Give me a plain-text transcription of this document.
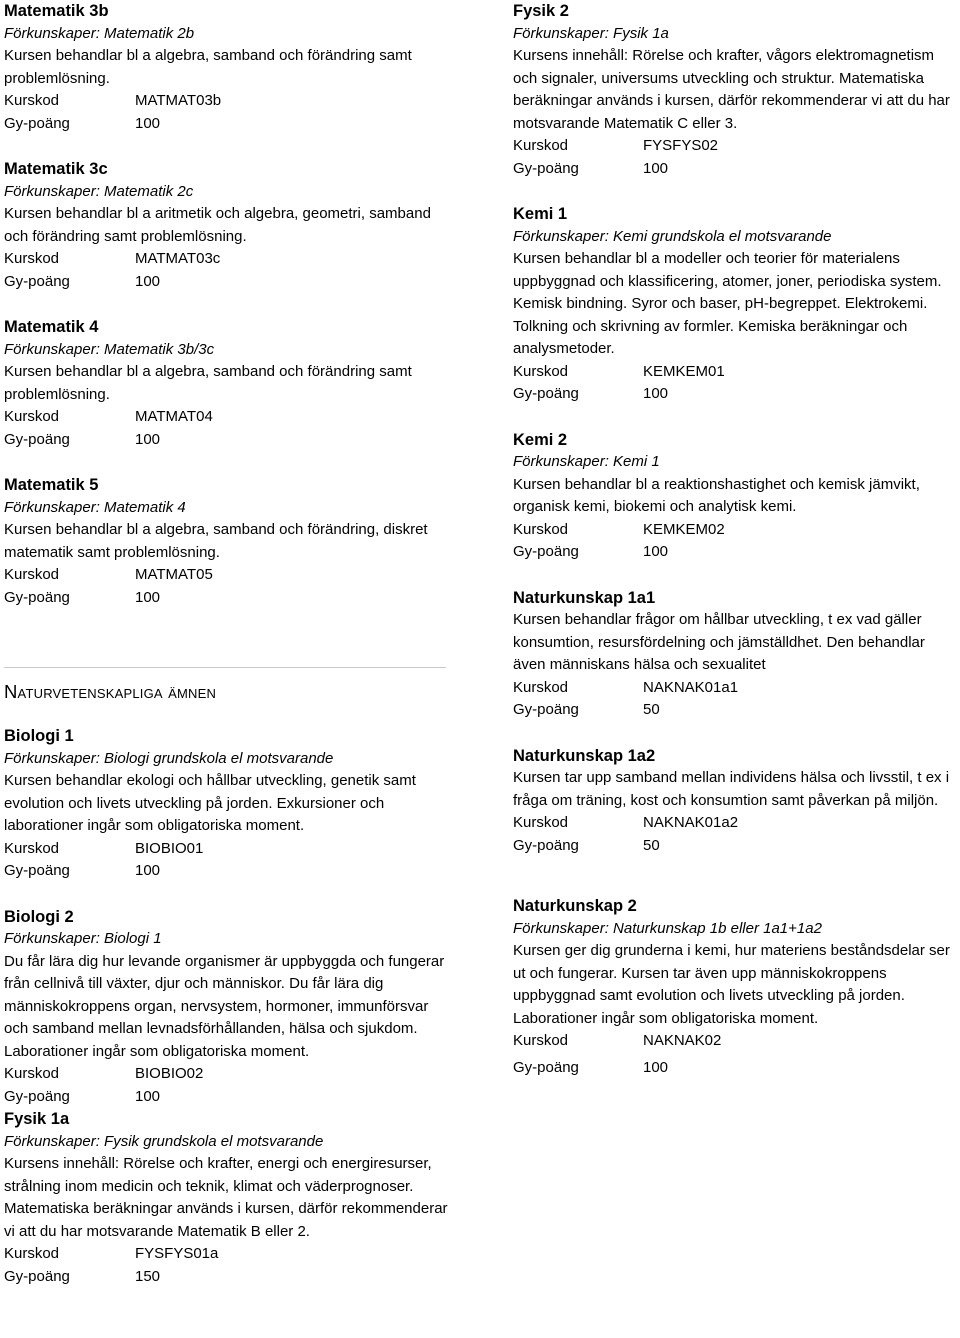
Matematik 3b

Förkunskaper: Matematik 2b

Kursen behandlar bl a algebra, samband och förändring samt problemlösning.

Kurskod	MATMAT03b
Gy-poäng	100

Matematik 3c

Förkunskaper: Matematik 2c

Kursen behandlar bl a aritmetik och algebra, geometri, samband och förändring samt problemlösning.

Kurskod	MATMAT03c
Gy-poäng	100

Matematik 4

Förkunskaper: Matematik 3b/3c

Kursen behandlar bl a algebra, samband och förändring samt problemlösning.

Kurskod	MATMAT04
Gy-poäng	100

Matematik 5

Förkunskaper: Matematik 4

Kursen behandlar bl a algebra, samband och förändring, diskret matematik samt problemlösning.

Kurskod	MATMAT05
Gy-poäng	100

Naturvetenskapliga ämnen

Biologi 1

Förkunskaper: Biologi grundskola el motsvarande

Kursen behandlar ekologi och hållbar utveckling, genetik samt evolution och livets utveckling på jorden. Exkursioner och laborationer ingår som obligatoriska moment.

Kurskod	BIOBIO01
Gy-poäng	100

Biologi 2

Förkunskaper: Biologi 1

Du får lära dig hur levande organismer är uppbyggda och fungerar från cellnivå till växter, djur och människor. Du får lära dig människokroppens organ, nervsystem, hormoner, immunförsvar och samband mellan levnadsförhållanden, hälsa och sjukdom. Laborationer ingår som obligatoriska moment.

Kurskod	BIOBIO02
Gy-poäng	100

Fysik 1a

Förkunskaper: Fysik grundskola el motsvarande

Kursens innehåll: Rörelse och krafter, energi och energiresurser, strålning inom medicin och teknik, klimat och väderprognoser. Matematiska beräkningar används i kursen, därför rekommenderar vi att du har motsvarande Matematik B eller 2.

Kurskod	FYSFYS01a
Gy-poäng	150

Fysik 2

Förkunskaper: Fysik 1a

Kursens innehåll: Rörelse och krafter, vågors elektromagnetism och signaler, universums utveckling och struktur. Matematiska beräkningar används i kursen, därför rekommenderar vi att du har motsvarande Matematik C eller 3.

Kurskod	FYSFYS02
Gy-poäng	100

Kemi 1

Förkunskaper: Kemi grundskola el motsvarande

Kursen behandlar bl a modeller och teorier för materialens uppbyggnad och klassificering, atomer, joner, periodiska system. Kemisk bindning. Syror och baser, pH-begreppet. Elektrokemi. Tolkning och skrivning av formler. Kemiska beräkningar och analysmetoder.

Kurskod	KEMKEM01
Gy-poäng	100

Kemi 2

Förkunskaper: Kemi 1

Kursen behandlar bl a reaktionshastighet och kemisk jämvikt, organisk kemi, biokemi och analytisk kemi.

Kurskod	KEMKEM02
Gy-poäng	100

Naturkunskap 1a1

Kursen behandlar frågor om hållbar utveckling, t ex vad gäller konsumtion, resursfördelning och jämställdhet. Den behandlar även människans hälsa och sexualitet

Kurskod	NAKNAK01a1
Gy-poäng	50

Naturkunskap 1a2

Kursen tar upp samband mellan individens hälsa och livsstil, t ex i fråga om träning, kost och konsumtion samt påverkan på miljön.

Kurskod	NAKNAK01a2
Gy-poäng	50

Naturkunskap 2

Förkunskaper: Naturkunskap 1b eller 1a1+1a2

Kursen ger dig grunderna i kemi, hur materiens beståndsdelar ser ut och fungerar. Kursen tar även upp människokroppens uppbyggnad samt evolution och livets utveckling på jorden. Laborationer ingår som obligatoriska moment.

Kurskod	NAKNAK02
Gy-poäng	100
